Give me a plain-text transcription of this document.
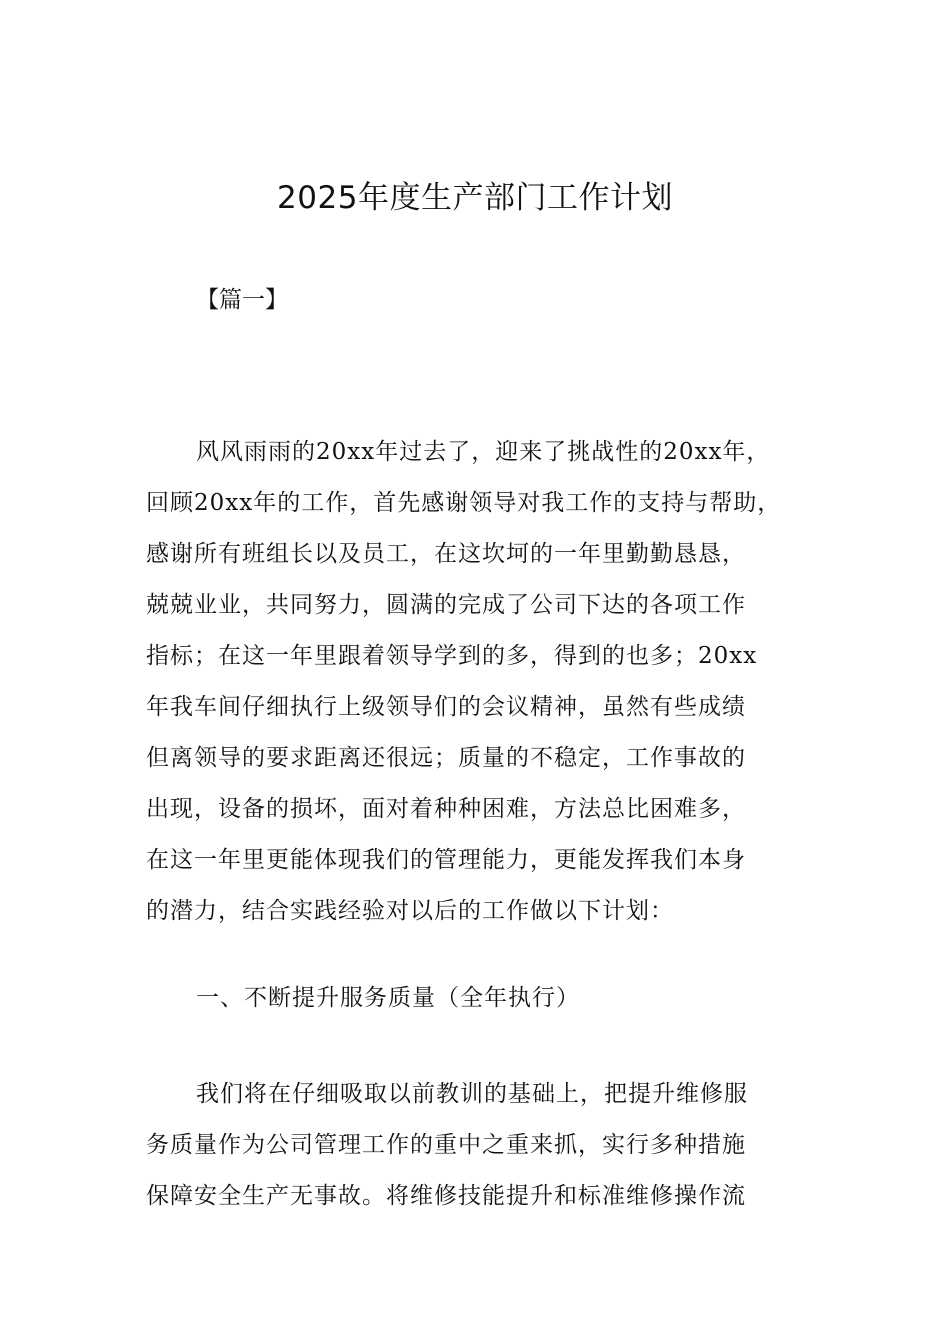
2025年度生产部门工作计划
【篇一】

风风雨雨的20xx年过去了，迎来了挑战性的20xx年，
回顾20xx年的工作，首先感谢领导对我工作的支持与帮助，
感谢所有班组长以及员工，在这坎坷的一年里勤勤恳恳，
兢兢业业，共同努力，圆满的完成了公司下达的各项工作
指标；在这一年里跟着领导学到的多，得到的也多；20xx
年我车间仔细执行上级领导们的会议精神，虽然有些成绩
但离领导的要求距离还很远；质量的不稳定，工作事故的
出现，设备的损坏，面对着种种困难，方法总比困难多，
在这一年里更能体现我们的管理能力，更能发挥我们本身
的潜力，结合实践经验对以后的工作做以下计划：

一、不断提升服务质量（全年执行）

我们将在仔细吸取以前教训的基础上，把提升维修服
务质量作为公司管理工作的重中之重来抓，实行多种措施
保障安全生产无事故。将维修技能提升和标准维修操作流
